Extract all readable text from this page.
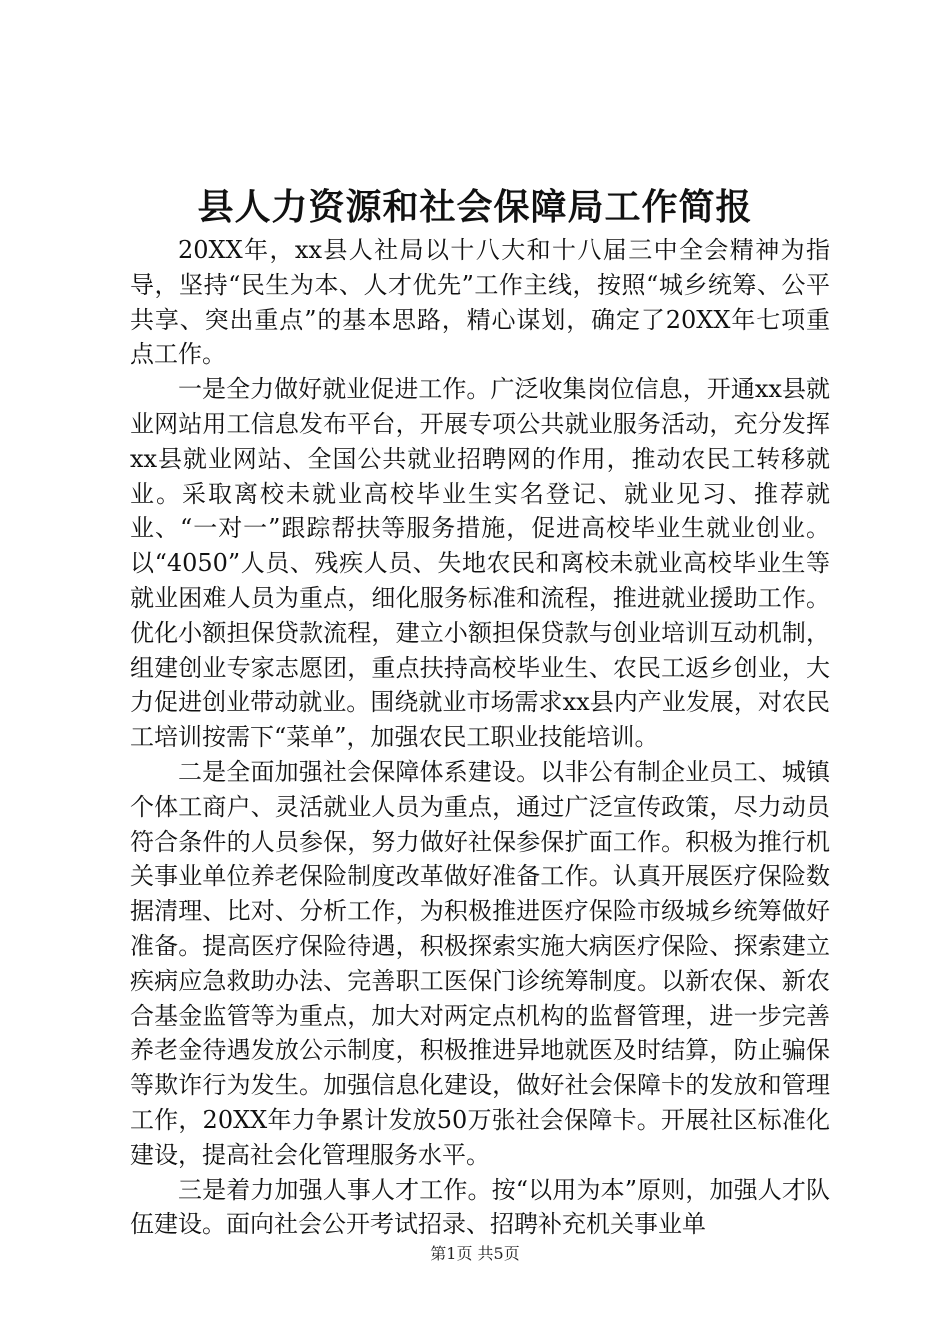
县人力资源和社会保障局工作简报

20XX年，xx县人社局以十八大和十八届三中全会精神为指导，坚持“民生为本、人才优先”工作主线，按照“城乡统筹、公平共享、突出重点”的基本思路，精心谋划，确定了20XX年七项重点工作。

一是全力做好就业促进工作。广泛收集岗位信息，开通xx县就业网站用工信息发布平台，开展专项公共就业服务活动，充分发挥xx县就业网站、全国公共就业招聘网的作用，推动农民工转移就业。采取离校未就业高校毕业生实名登记、就业见习、推荐就业、“一对一”跟踪帮扶等服务措施，促进高校毕业生就业创业。以“4050”人员、残疾人员、失地农民和离校未就业高校毕业生等就业困难人员为重点，细化服务标准和流程，推进就业援助工作。优化小额担保贷款流程，建立小额担保贷款与创业培训互动机制，组建创业专家志愿团，重点扶持高校毕业生、农民工返乡创业，大力促进创业带动就业。围绕就业市场需求xx县内产业发展，对农民工培训按需下“菜单”，加强农民工职业技能培训。

二是全面加强社会保障体系建设。以非公有制企业员工、城镇个体工商户、灵活就业人员为重点，通过广泛宣传政策，尽力动员符合条件的人员参保，努力做好社保参保扩面工作。积极为推行机关事业单位养老保险制度改革做好准备工作。认真开展医疗保险数据清理、比对、分析工作，为积极推进医疗保险市级城乡统筹做好准备。提高医疗保险待遇，积极探索实施大病医疗保险、探索建立疾病应急救助办法、完善职工医保门诊统筹制度。以新农保、新农合基金监管等为重点，加大对两定点机构的监督管理，进一步完善养老金待遇发放公示制度，积极推进异地就医及时结算，防止骗保等欺诈行为发生。加强信息化建设，做好社会保障卡的发放和管理工作，20XX年力争累计发放50万张社会保障卡。开展社区标准化建设，提高社会化管理服务水平。

三是着力加强人事人才工作。按“以用为本”原则，加强人才队伍建设。面向社会公开考试招录、招聘补充机关事业单

第1页 共5页
